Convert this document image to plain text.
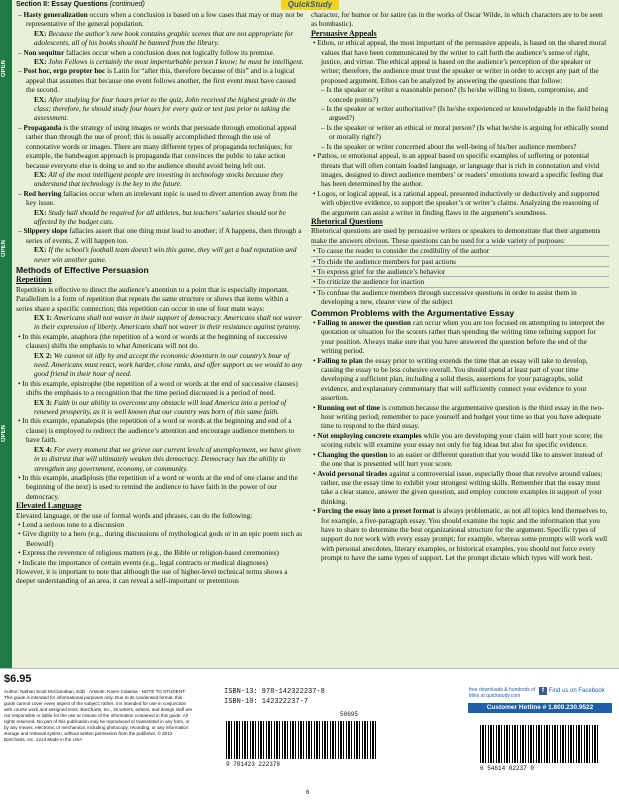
OPEN
OPEN
OPEN
Section II: Essay Questions (continued)	QuickStudy

– Hasty generalization occurs when a conclusion is based on a few cases that may or may not be representative of the general population.

EX: Because the author’s new book contains graphic scenes that are not appropriate for adolescents, all of his books should be banned from the library.

– Non sequitur fallacies occur when a conclusion does not logically follow its premise.

EX: John Fellows is certainly the most imperturbable person I know; he must be intelligent.

– Post hoc, ergo propter hoc is Latin for “after this, therefore because of this” and is a logical appeal that assumes that because one event follows another, the first event must have caused the second.

EX: After studying for four hours prior to the quiz, John received the highest grade in the class; therefore, he should study four hours for every quiz or test just prior to taking the assessment.

– Propaganda is the strategy of using images or words that persuade through emotional appeal rather than through the use of proof; this is usually accomplished through the use of connotative words or images. There are many different types of propaganda techniques; for example, the bandwagon approach is propaganda that convinces the public to take action because everyone else is doing so and so the audience should avoid being left out.

EX: All of the most intelligent people are investing in technology stocks because they understand that technology is the key to the future.

– Red herring fallacies occur when an irrelevant topic is used to divert attention away from the key issue.

EX: Study hall should be required for all athletes, but teachers’ salaries should not be affected by the budget cuts.

– Slippery slope fallacies assert that one thing must lead to another; if A happens, then through a series of events, Z will happen too.

EX: If the school’s football team doesn’t win this game, they will get a bad reputation and never win another game.

Methods of Effective Persuasion
Repetition

Repetition is effective to direct the audience’s attention to a point that is especially important. Parallelism is a form of repetition that repeats the same structure or shows that items within a series share a specific connection; this repetition can occur in one of four main ways:

EX 1: Americans shall not waver in their support of democracy. Americans shall not waver in their expression of liberty. Americans shall not waver in their resistance against tyranny.

• In this example, anaphora (the repetition of a word or words at the beginning of successive clauses) shifts the emphasis to what Americans will not do.

EX 2: We cannot sit idly by and accept the economic downturn in our country’s hour of need. Americans must react, work harder, close ranks, and offer support as we would to any good friend in their hour of need.

• In this example, epistrophe (the repetition of a word or words at the end of successive clauses) shifts the emphasis to a recognition that the time period discussed is a period of need.

EX 3: Faith in our ability to overcome any obstacle will lead America into a period of renewed prosperity, as it is well known that our country was born of this same faith.

• In this example, epanalepsis (the repetition of a word or words at the beginning and end of a clause) is employed to redirect the audience’s attention and encourage audience members to have faith.

EX 4: For every moment that we grieve our current levels of unemployment, we have given in to distrust that will ultimately weaken this democracy. Democracy has the ability to strengthen any government, economy, or community.

• In this example, anadiplosis (the repetition of a word or words at the end of one clause and the beginning of the next) is used to remind the audience to have faith in the power of our democracy.

Elevated Language

Elevated language, or the use of formal words and phrases, can do the following:

• Lend a serious tone to a discussion

• Give dignity to a hero (e.g., during discussions of mythological gods or in an epic poem such as Beowulf)

• Express the reverence of religious matters (e.g., the Bible or religion-based ceremonies)

• Indicate the importance of certain events (e.g., legal contracts or medical diagnoses)

However, it is important to note that although the use of higher-level technical terms shows a deeper understanding of an area, it can reveal a self-important or pretentious

character, for humor or for satire (as in the works of Oscar Wilde, in which characters are to be seen as bombastic).

Persuasive Appeals

• Ethos, or ethical appeal, the most important of the persuasive appeals, is based on the shared moral values that have been communicated by the writer to call forth the audience’s sense of right, justice, and virtue. The ethical appeal is based on the audience’s perception of the speaker or writer; therefore, the audience must trust the speaker or writer in order to accept any part of the proposed argument. Ethos can be analyzed by answering the questions that follow:

– Is the speaker or writer a reasonable person? (Is he/she willing to listen, compromise, and concede points?)

– Is the speaker or writer authoritative? (Is he/she experienced or knowledgeable in the field being argued?)

– Is the speaker or writer an ethical or moral person? (Is what he/she is arguing for ethically sound or morally right?)

– Is the speaker or writer concerned about the well-being of his/her audience members?

• Pathos, or emotional appeal, is an appeal based on specific examples of suffering or potential threats that will often contain loaded language, or language that is rich in connotation and vivid images, designed to direct audience members’ or readers’ emotions toward a specific feeling that has been determined by the author.

• Logos, or logical appeal, is a rational appeal, presented inductively or deductively and supported with objective evidence, to support the speaker’s or writer’s claims. Analyzing the reasoning of the argument can assist a writer in finding flaws in the argument’s soundness.

Rhetorical Questions

Rhetorical questions are used by persuasive writers or speakers to demonstrate that their arguments make the answers obvious. These questions can be used for a wide variety of purposes:

• To cause the reader to consider the credibility of the author

• To chide the audience members for past actions

• To express grief for the audience’s behavior

• To criticize the audience for inaction

• To confuse the audience members through successive questions in order to assist them in developing a new, clearer view of the subject

Common Problems with the Argumentative Essay

• Failing to answer the question can occur when you are too focused on attempting to interpret the quotation or situation for the scorers rather than spending the writing time refining support for your position. Always make sure that you have answered the question before the end of the writing period.

• Failing to plan the essay prior to writing extends the time that an essay will take to develop, causing the essay to be less cohesive overall. You should spend at least part of your time developing a sufficient plan, including a solid thesis, assertions for your paragraphs, solid evidence, and explanatory commentary that will sufficiently connect your evidence to your assertion.

• Running out of time is common because the argumentative question is the third essay in the two-hour writing period; remember to pace yourself and budget your time so that you have adequate time to respond to the third essay.

• Not employing concrete examples while you are developing your claim will hurt your score; the scoring rubric will examine your essay not only for big ideas but also for specific evidence.

• Changing the question to an easier or different question that you would like to answer instead of the one that is presented will hurt your score.

• Avoid personal tirades against a controversial issue, especially those that revolve around values; rather, use the essay time to exhibit your strongest writing skills. Remember that the essay must take a clear stance, answer the given question, and employ concrete examples in support of your thinking.

• Forcing the essay into a preset format is always problematic, as not all topics lend themselves to, for example, a five-paragraph essay. You should examine the topic and the information that you have to share to determine the best organizational structure for the argument. Specific types of support do not work with every essay prompt; for example, whereas some prompts will work well with personal anecdotes, literary examples, or historical examples, you should not force every prompt to have the same types of support. Let the prompt dictate which types will work best.

$6.95
Author: Nathan Scott McClanahan, EdD · Artwork: Karen Calamia · NOTE TO STUDENT: This guide is intended for informational purposes only. Due to its condensed format, this guide cannot cover every aspect of the subject; rather, it is intended for use in conjunction with course work and assigned texts. BarCharts, Inc., its writers, editors, and design staff are not responsible or liable for the use or misuse of the information contained in this guide. All rights reserved. No part of this publication may be reproduced or transmitted in any form, or by any means, electronic or mechanical, including photocopy, recording, or any information storage and retrieval system, without written permission from the publisher. © 2013 BarCharts, Inc. 1213 Made in the USA
ISBN-13: 978-142322237-8
ISBN-10: 142322237-7
50695
9 781423 222378
6 54614 02237 0
free downloads & hundreds of titles at quickstudy.com
f Find us on Facebook
Customer Hotline # 1.800.230.9522
6
